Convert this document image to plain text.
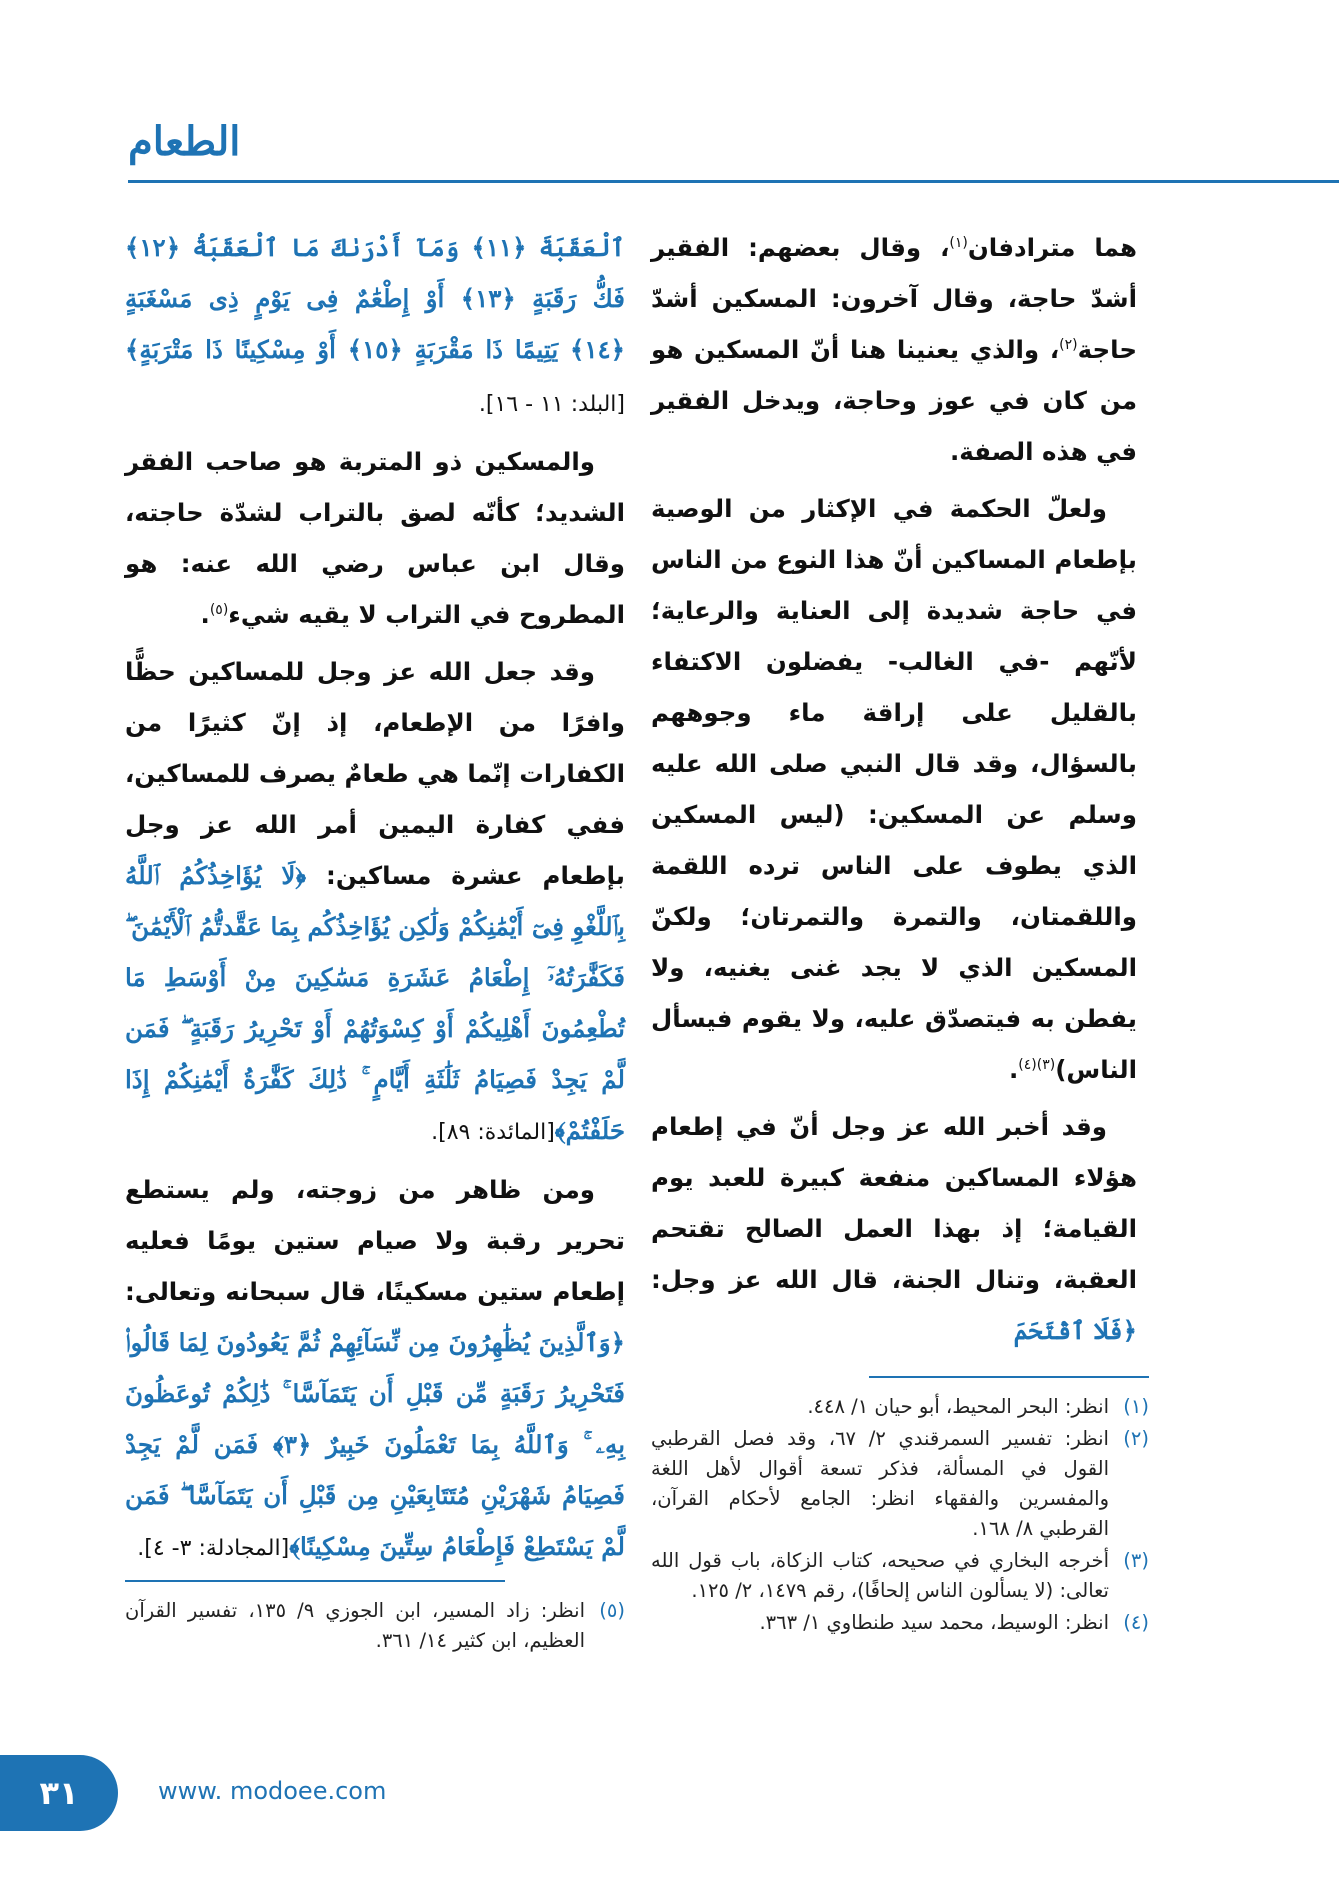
الطعام

هما مترادفان$^{(١)}$، وقال بعضهم: الفقير أشدّ حاجة، وقال آخرون: المسكين أشدّ حاجة$^{(٢)}$، والذي يعنينا هنا أنّ المسكين هو من كان في عوز وحاجة، ويدخل الفقير في هذه الصفة.

ولعلّ الحكمة في الإكثار من الوصية بإطعام المساكين أنّ هذا النوع من الناس في حاجة شديدة إلى العناية والرعاية؛ لأنّهم -في الغالب- يفضلون الاكتفاء بالقليل على إراقة ماء وجوههم بالسؤال، وقد قال النبي صلى الله عليه وسلم عن المسكين: (ليس المسكين الذي يطوف على الناس ترده اللقمة واللقمتان، والتمرة والتمرتان؛ ولكنّ المسكين الذي لا يجد غنى يغنيه، ولا يفطن به فيتصدّق عليه، ولا يقوم فيسأل الناس)$^{(٣)(٤)}$.

وقد أخبر الله عز وجل أنّ في إطعام هؤلاء المساكين منفعة كبيرة للعبد يوم القيامة؛ إذ بهذا العمل الصالح تقتحم العقبة، وتنال الجنة، قال الله عز وجل: ﴿فَلَا ٱقْتَحَمَ

ٱلْعَقَبَةَ ﴿١١﴾ وَمَآ أَدْرَىٰكَ مَا ٱلْعَقَبَةُ ﴿١٢﴾ فَكُّ رَقَبَةٍ ﴿١٣﴾ أَوْ إِطْعَٰمٌ فِى يَوْمٍ ذِى مَسْغَبَةٍ ﴿١٤﴾ يَتِيمًا ذَا مَقْرَبَةٍ ﴿١٥﴾ أَوْ مِسْكِينًا ذَا مَتْرَبَةٍ﴾ [البلد: ١١ - ١٦].

والمسكين ذو المتربة هو صاحب الفقر الشديد؛ كأنّه لصق بالتراب لشدّة حاجته، وقال ابن عباس رضي الله عنه: هو المطروح في التراب لا يقيه شيء$^{(٥)}$.

وقد جعل الله عز وجل للمساكين حظًّا وافرًا من الإطعام، إذ إنّ كثيرًا من الكفارات إنّما هي طعامٌ يصرف للمساكين، ففي كفارة اليمين أمر الله عز وجل بإطعام عشرة مساكين: ﴿لَا يُؤَاخِذُكُمُ ٱللَّهُ بِٱللَّغْوِ فِىٓ أَيْمَٰنِكُمْ وَلَٰكِن يُؤَاخِذُكُم بِمَا عَقَّدتُّمُ ٱلْأَيْمَٰنَ ۖ فَكَفَّٰرَتُهُۥٓ إِطْعَامُ عَشَرَةِ مَسَٰكِينَ مِنْ أَوْسَطِ مَا تُطْعِمُونَ أَهْلِيكُمْ أَوْ كِسْوَتُهُمْ أَوْ تَحْرِيرُ رَقَبَةٍ ۖ فَمَن لَّمْ يَجِدْ فَصِيَامُ ثَلَٰثَةِ أَيَّامٍ ۚ ذَٰلِكَ كَفَّٰرَةُ أَيْمَٰنِكُمْ إِذَا حَلَفْتُمْ﴾[المائدة: ٨٩].

ومن ظاهر من زوجته، ولم يستطع تحرير رقبة ولا صيام ستين يومًا فعليه إطعام ستين مسكينًا، قال سبحانه وتعالى: ﴿وَٱلَّذِينَ يُظَٰهِرُونَ مِن نِّسَآئِهِمْ ثُمَّ يَعُودُونَ لِمَا قَالُوا۟ فَتَحْرِيرُ رَقَبَةٍ مِّن قَبْلِ أَن يَتَمَآسَّا ۚ ذَٰلِكُمْ تُوعَظُونَ بِهِۦ ۚ وَٱللَّهُ بِمَا تَعْمَلُونَ خَبِيرٌ ﴿٣﴾ فَمَن لَّمْ يَجِدْ فَصِيَامُ شَهْرَيْنِ مُتَتَابِعَيْنِ مِن قَبْلِ أَن يَتَمَآسَّا ۖ فَمَن لَّمْ يَسْتَطِعْ فَإِطْعَامُ سِتِّينَ مِسْكِينًا﴾[المجادلة: ٣- ٤].

(١)
انظر: البحر المحيط، أبو حيان ١/ ٤٤٨.
(٢)
انظر: تفسير السمرقندي ٢/ ٦٧، وقد فصل القرطبي القول في المسألة، فذكر تسعة أقوال لأهل اللغة والمفسرين والفقهاء انظر: الجامع لأحكام القرآن، القرطبي ٨/ ١٦٨.
(٣)
أخرجه البخاري في صحيحه، كتاب الزكاة، باب قول الله تعالى: (لا يسألون الناس إلحافًا)، رقم ١٤٧٩، ٢/ ١٢٥.
(٤)
انظر: الوسيط، محمد سيد طنطاوي ١/ ٣٦٣.
(٥)
انظر: زاد المسير، ابن الجوزي ٩/ ١٣٥، تفسير القرآن العظيم، ابن كثير ١٤/ ٣٦١.
٣١	www. modoee.com
